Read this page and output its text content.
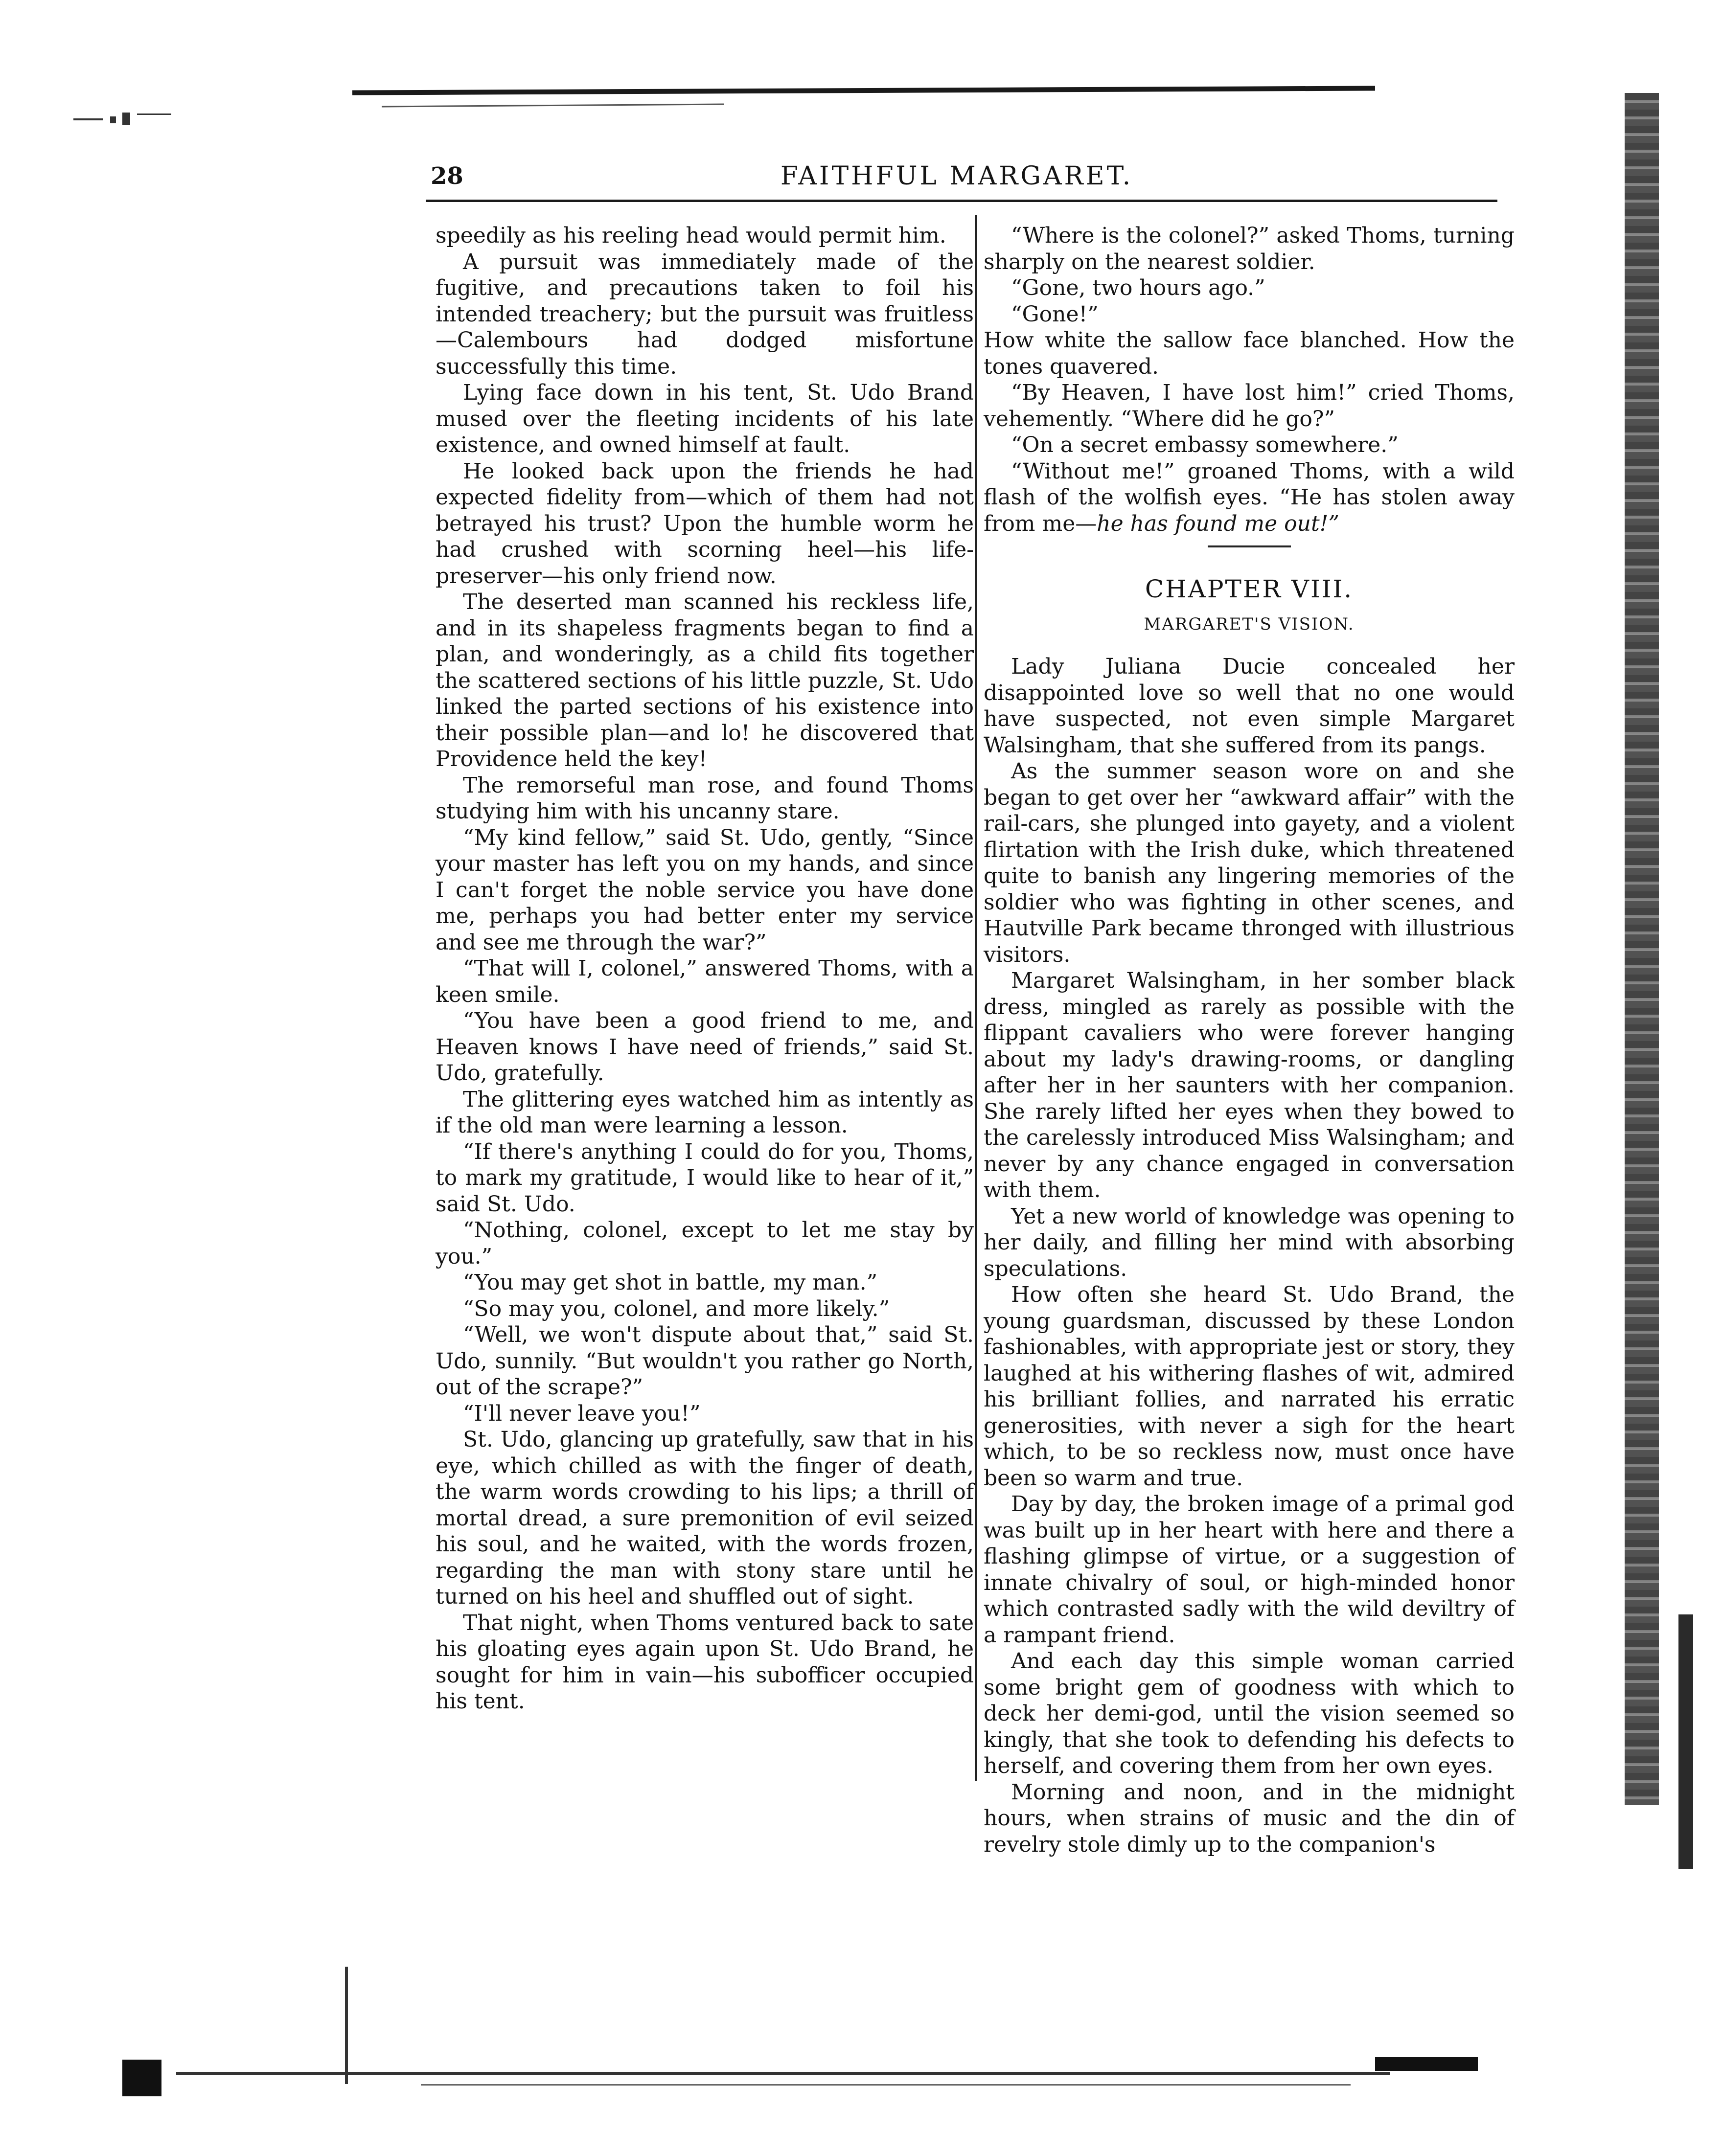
28	FAITHFUL MARGARET.

speedily as his reeling head would permit him.

A pursuit was immediately made of the fugitive, and precautions taken to foil his intended treachery; but the pursuit was fruitless—Calembours had dodged misfortune successfully this time.

Lying face down in his tent, St. Udo Brand mused over the fleeting incidents of his late existence, and owned himself at fault.

He looked back upon the friends he had expected fidelity from—which of them had not betrayed his trust? Upon the humble worm he had crushed with scorning heel—his life-preserver—his only friend now.

The deserted man scanned his reckless life, and in its shapeless fragments began to find a plan, and wonderingly, as a child fits together the scattered sections of his little puzzle, St. Udo linked the parted sections of his existence into their possible plan—and lo! he discovered that Providence held the key!

The remorseful man rose, and found Thoms studying him with his uncanny stare.

“My kind fellow,” said St. Udo, gently, “Since your master has left you on my hands, and since I can't forget the noble service you have done me, perhaps you had better enter my service and see me through the war?”

“That will I, colonel,” answered Thoms, with a keen smile.

“You have been a good friend to me, and Heaven knows I have need of friends,” said St. Udo, gratefully.

The glittering eyes watched him as intently as if the old man were learning a lesson.

“If there's anything I could do for you, Thoms, to mark my gratitude, I would like to hear of it,” said St. Udo.

“Nothing, colonel, except to let me stay by you.”

“You may get shot in battle, my man.”

“So may you, colonel, and more likely.”

“Well, we won't dispute about that,” said St. Udo, sunnily. “But wouldn't you rather go North, out of the scrape?”

“I'll never leave you!”

St. Udo, glancing up gratefully, saw that in his eye, which chilled as with the finger of death, the warm words crowding to his lips; a thrill of mortal dread, a sure premonition of evil seized his soul, and he waited, with the words frozen, regarding the man with stony stare until he turned on his heel and shuffled out of sight.

That night, when Thoms ventured back to sate his gloating eyes again upon St. Udo Brand, he sought for him in vain—his subofficer occupied his tent.

“Where is the colonel?” asked Thoms, turning sharply on the nearest soldier.

“Gone, two hours ago.”

“Gone!”

How white the sallow face blanched. How the tones quavered.

“By Heaven, I have lost him!” cried Thoms, vehemently. “Where did he go?”

“On a secret embassy somewhere.”

“Without me!” groaned Thoms, with a wild flash of the wolfish eyes. “He has stolen away from me—he has found me out!”

CHAPTER VIII.
MARGARET'S VISION.

Lady Juliana Ducie concealed her disappointed love so well that no one would have suspected, not even simple Margaret Walsingham, that she suffered from its pangs.

As the summer season wore on and she began to get over her “awkward affair” with the rail-cars, she plunged into gayety, and a violent flirtation with the Irish duke, which threatened quite to banish any lingering memories of the soldier who was fighting in other scenes, and Hautville Park became thronged with illustrious visitors.

Margaret Walsingham, in her somber black dress, mingled as rarely as possible with the flippant cavaliers who were forever hanging about my lady's drawing-rooms, or dangling after her in her saunters with her companion. She rarely lifted her eyes when they bowed to the carelessly introduced Miss Walsingham; and never by any chance engaged in conversation with them.

Yet a new world of knowledge was opening to her daily, and filling her mind with absorbing speculations.

How often she heard St. Udo Brand, the young guardsman, discussed by these London fashionables, with appropriate jest or story, they laughed at his withering flashes of wit, admired his brilliant follies, and narrated his erratic generosities, with never a sigh for the heart which, to be so reckless now, must once have been so warm and true.

Day by day, the broken image of a primal god was built up in her heart with here and there a flashing glimpse of virtue, or a suggestion of innate chivalry of soul, or high-minded honor which contrasted sadly with the wild deviltry of a rampant friend.

And each day this simple woman carried some bright gem of goodness with which to deck her demi-god, until the vision seemed so kingly, that she took to defending his defects to herself, and covering them from her own eyes.

Morning and noon, and in the midnight hours, when strains of music and the din of revelry stole dimly up to the companion's
